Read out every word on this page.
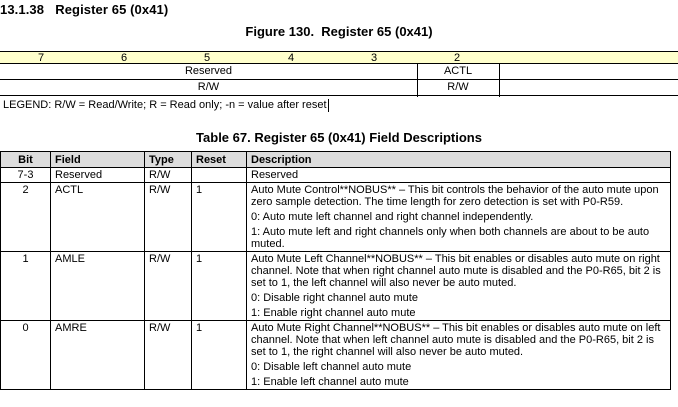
13.1.38 Register 65 (0x41)
Figure 130. Register 65 (0x41)
7	6	5	4	3	2
Reserved	ACTL
R/W	R/W
LEGEND: R/W = Read/Write; R = Read only; -n = value after reset
Table 67. Register 65 (0x41) Field Descriptions
Bit	Field	Type	Reset	Description
7-3	Reserved	R/W		Reserved

2	ACTL	R/W	1	Auto Mute Control**NOBUS** – This bit controls the behavior of the auto mute upon zero sample detection. The time length for zero detection is set with P0-R59.

0: Auto mute left channel and right channel independently.

1: Auto mute left and right channels only when both channels are about to be auto muted.

1	AMLE	R/W	1	Auto Mute Left Channel**NOBUS** – This bit enables or disables auto mute on right channel. Note that when right channel auto mute is disabled and the P0-R65, bit 2 is set to 1, the left channel will also never be auto muted.

0: Disable right channel auto mute

1: Enable right channel auto mute

0	AMRE	R/W	1	Auto Mute Right Channel**NOBUS** – This bit enables or disables auto mute on left channel. Note that when left channel auto mute is disabled and the P0-R65, bit 2 is set to 1, the right channel will also never be auto muted.

0: Disable left channel auto mute

1: Enable left channel auto mute
